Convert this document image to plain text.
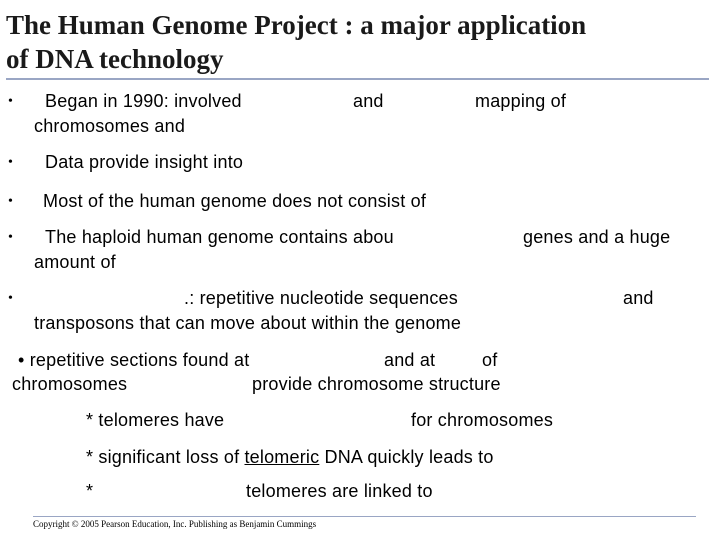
The Human Genome Project : a major application
of DNA technology
• Began in 1990: involved	and	mapping of
chromosomes and
• Data provide insight into
• Most of the human genome does not consist of
• The haploid human genome contains abou	genes and a huge
amount of
•	.: repetitive nucleotide sequences	and
transposons that can move about within the genome
• repetitive sections found at	and at	of
chromosomes	provide chromosome structure
* telomeres have	for chromosomes
* significant loss of telomeric DNA quickly leads to
*	telomeres are linked to
Copyright © 2005 Pearson Education, Inc. Publishing as Benjamin Cummings
